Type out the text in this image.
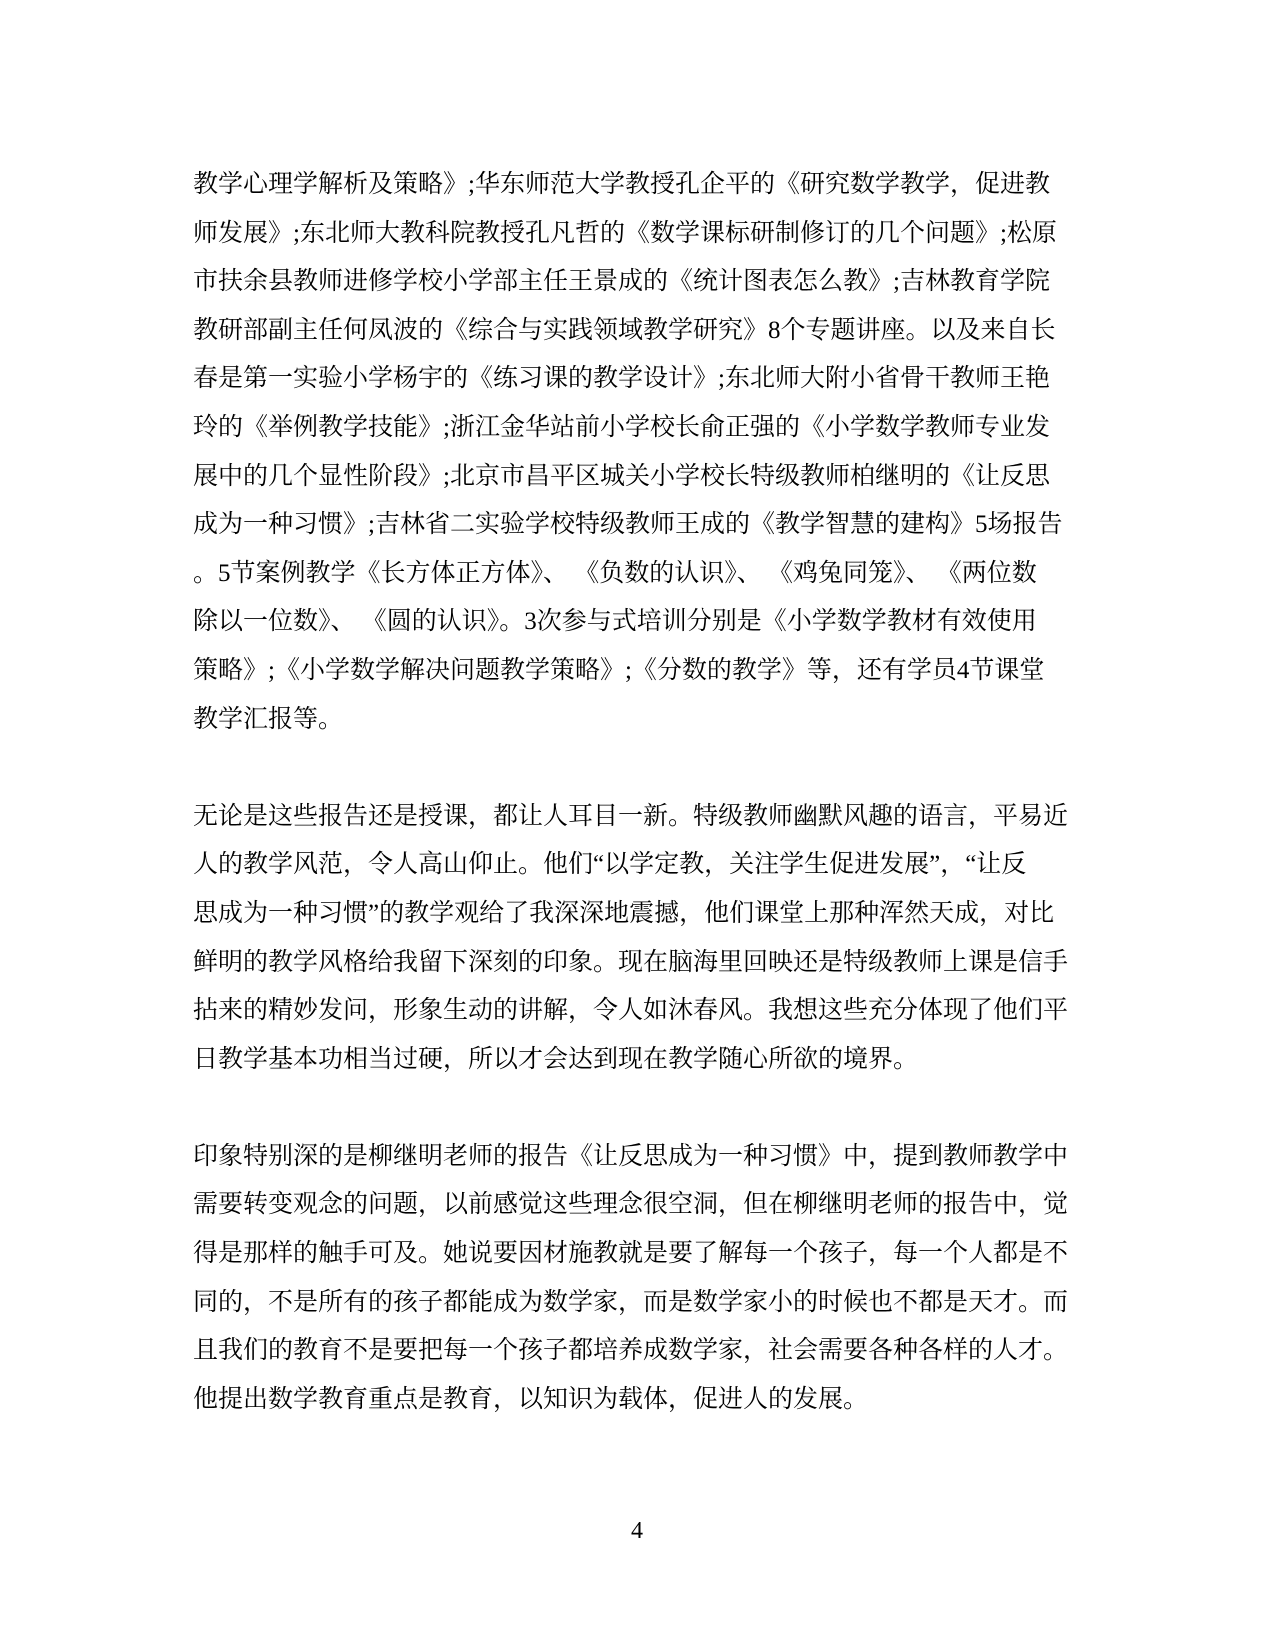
教学心理学解析及策略》;华东师范大学教授孔企平的《研究数学教学，促进教
师发展》;东北师大教科院教授孔凡哲的《数学课标研制修订的几个问题》;松原
市扶余县教师进修学校小学部主任王景成的《统计图表怎么教》;吉林教育学院
教研部副主任何凤波的《综合与实践领域教学研究》8个专题讲座。以及来自长
春是第一实验小学杨宇的《练习课的教学设计》;东北师大附小省骨干教师王艳
玲的《举例教学技能》;浙江金华站前小学校长俞正强的《小学数学教师专业发
展中的几个显性阶段》;北京市昌平区城关小学校长特级教师柏继明的《让反思
成为一种习惯》;吉林省二实验学校特级教师王成的《教学智慧的建构》5场报告
。5节案例教学《长方体正方体》、 《负数的认识》、 《鸡兔同笼》、 《两位数
除以一位数》、 《圆的认识》。3次参与式培训分别是《小学数学教材有效使用
策略》;《小学数学解决问题教学策略》;《分数的教学》等，还有学员4节课堂
教学汇报等。
无论是这些报告还是授课，都让人耳目一新。特级教师幽默风趣的语言，平易近
人的教学风范，令人高山仰止。他们“以学定教，关注学生促进发展”，“让反
思成为一种习惯”的教学观给了我深深地震撼，他们课堂上那种浑然天成，对比
鲜明的教学风格给我留下深刻的印象。现在脑海里回映还是特级教师上课是信手
拈来的精妙发问，形象生动的讲解，令人如沐春风。我想这些充分体现了他们平
日教学基本功相当过硬，所以才会达到现在教学随心所欲的境界。
印象特别深的是柳继明老师的报告《让反思成为一种习惯》中，提到教师教学中
需要转变观念的问题，以前感觉这些理念很空洞，但在柳继明老师的报告中，觉
得是那样的触手可及。她说要因材施教就是要了解每一个孩子，每一个人都是不
同的，不是所有的孩子都能成为数学家，而是数学家小的时候也不都是天才。而
且我们的教育不是要把每一个孩子都培养成数学家，社会需要各种各样的人才。
他提出数学教育重点是教育，以知识为载体，促进人的发展。
4
